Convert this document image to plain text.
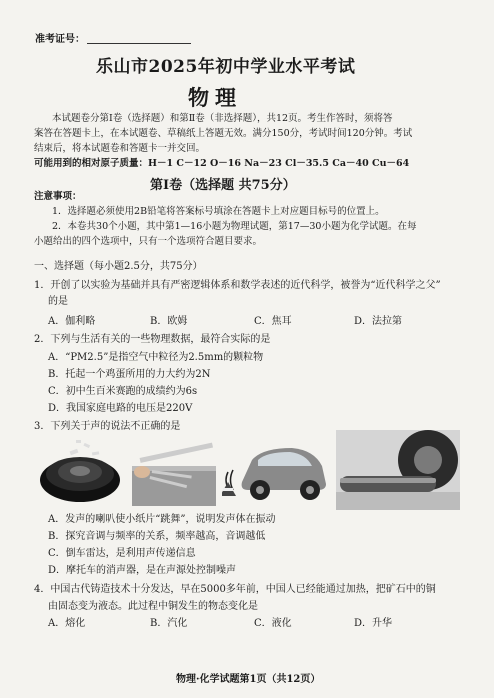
准考证号：
乐山市2025年初中学业水平考试
物理
本试题卷分第Ⅰ卷（选择题）和第Ⅱ卷（非选择题），共12页。考生作答时，须将答
案答在答题卡上，在本试题卷、草稿纸上答题无效。满分150分，考试时间120分钟。考试
结束后，将本试题卷和答题卡一并交回。
可能用到的相对原子质量：H－1 C－12 O－16 Na－23 Cl－35.5 Ca－40 Cu－64
第Ⅰ卷（选择题 共75分）
注意事项：
1．选择题必须使用2B铅笔将答案标号填涂在答题卡上对应题目标号的位置上。
2．本卷共30个小题，其中第1—16小题为物理试题，第17—30小题为化学试题。在每
小题给出的四个选项中，只有一个选项符合题目要求。
一、选择题（每小题2.5分，共75分）
1．开创了以实验为基础并具有严密逻辑体系和数学表述的近代科学，被誉为“近代科学之父”
的是
A．伽利略	B．欧姆	C．焦耳	D．法拉第
2．下列与生活有关的一些物理数据，最符合实际的是
A．“PM2.5”是指空气中粒径为2.5mm的颗粒物
B．托起一个鸡蛋所用的力大约为2N
C．初中生百米赛跑的成绩约为6s
D．我国家庭电路的电压是220V
3．下列关于声的说法不正确的是
A．发声的喇叭使小纸片“跳舞”，说明发声体在振动
B．探究音调与频率的关系，频率越高，音调越低
C．倒车雷达，是利用声传递信息
D．摩托车的消声器，是在声源处控制噪声
4．中国古代铸造技术十分发达，早在5000多年前，中国人已经能通过加热，把矿石中的铜
由固态变为液态。此过程中铜发生的物态变化是
A．熔化	B．汽化	C．液化	D．升华
物理·化学试题第1页（共12页）
